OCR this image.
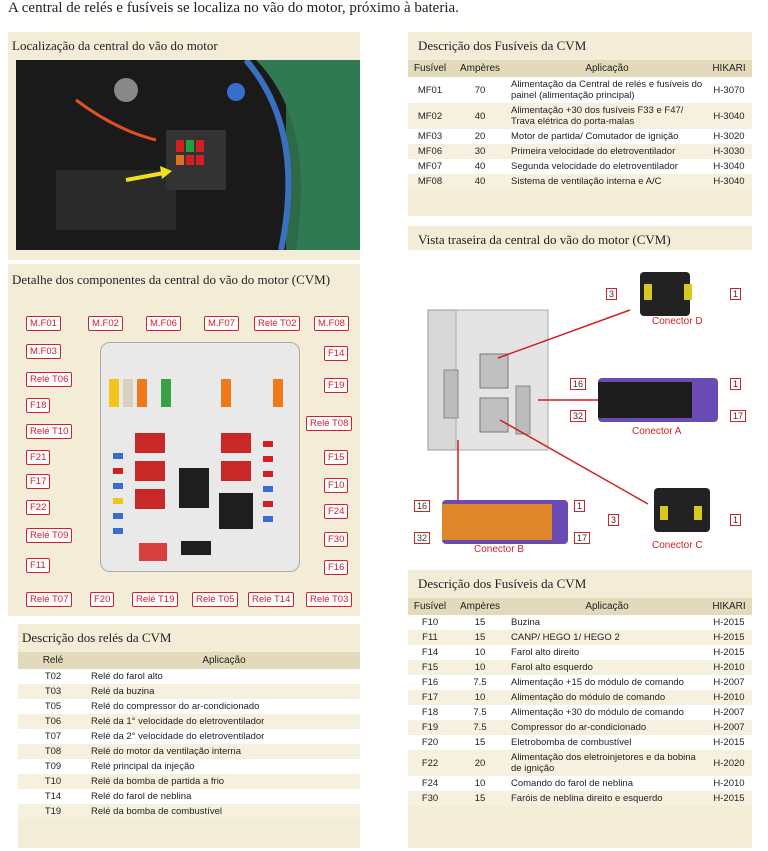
A central de relés e fusíveis se localiza no vão do motor, próximo à bateria.
Localização da central do vão do motor
Detalhe dos componentes da central do vão do motor (CVM)
M.F01	M.F02	M.F06	M.F07	Relé T02	M.F08
M.F03	F14
Relé T06
F19
F18
Relé T08
Relé T10
F15
F21
F10
F17
F24
F22
F30
Relé T09
F16
F11
Relé T07	F20	Relé T19	Relé T05	Relé T14	Relé T03
Descrição dos relés da CVM
Relé	Aplicação
T02	Relé do farol alto
T03	Relé da buzina
T05	Relé do compressor do ar-condicionado
T06	Relé da 1° velocidade do eletroventilador
T07	Relé da 2° velocidade do eletroventilador
T08	Relé do motor da ventilação interna
T09	Relé principal da injeção
T10	Relé da bomba de partida a frio
T14	Relé do farol de neblina
T19	Relé da bomba de combustível
Descrição dos Fusíveis da CVM
Fusível	Ampères	Aplicação	HIKARI
MF01	70	Alimentação da Central de relés e fusíveis do painel (alimentação principal)	H-3070
MF02	40	Alimentação +30 dos fusíveis F33 e F47/ Trava elétrica do porta-malas	H-3040
MF03	20	Motor de partida/ Comutador de ignição	H-3020
MF06	30	Primeira velocidade do eletroventilador	H-3030
MF07	40	Segunda velocidade do eletroventilador	H-3040
MF08	40	Sistema de ventilação interna e A/C	H-3040
Vista traseira da central do vão do motor (CVM)
3	1
Conector D
16	1
32	17
Conector A
16	1
32	17
Conector B
3	1
Conector C
Descrição dos Fusíveis da CVM
Fusível	Ampères	Aplicação	HIKARI
F10	15	Buzina	H-2015
F11	15	CANP/ HEGO 1/ HEGO 2	H-2015
F14	10	Farol alto direito	H-2015
F15	10	Farol alto esquerdo	H-2010
F16	7.5	Alimentação +15 do módulo de comando	H-2007
F17	10	Alimentação do módulo de comando	H-2010
F18	7.5	Alimentação +30 do módulo de comando	H-2007
F19	7.5	Compressor do ar-condicionado	H-2007
F20	15	Eletrobomba de combustível	H-2015
F22	20	Alimentação dos eletroinjetores e da bobina de ignição	H-2020
F24	10	Comando do farol de neblina	H-2010
F30	15	Faróis de neblina direito e esquerdo	H-2015
